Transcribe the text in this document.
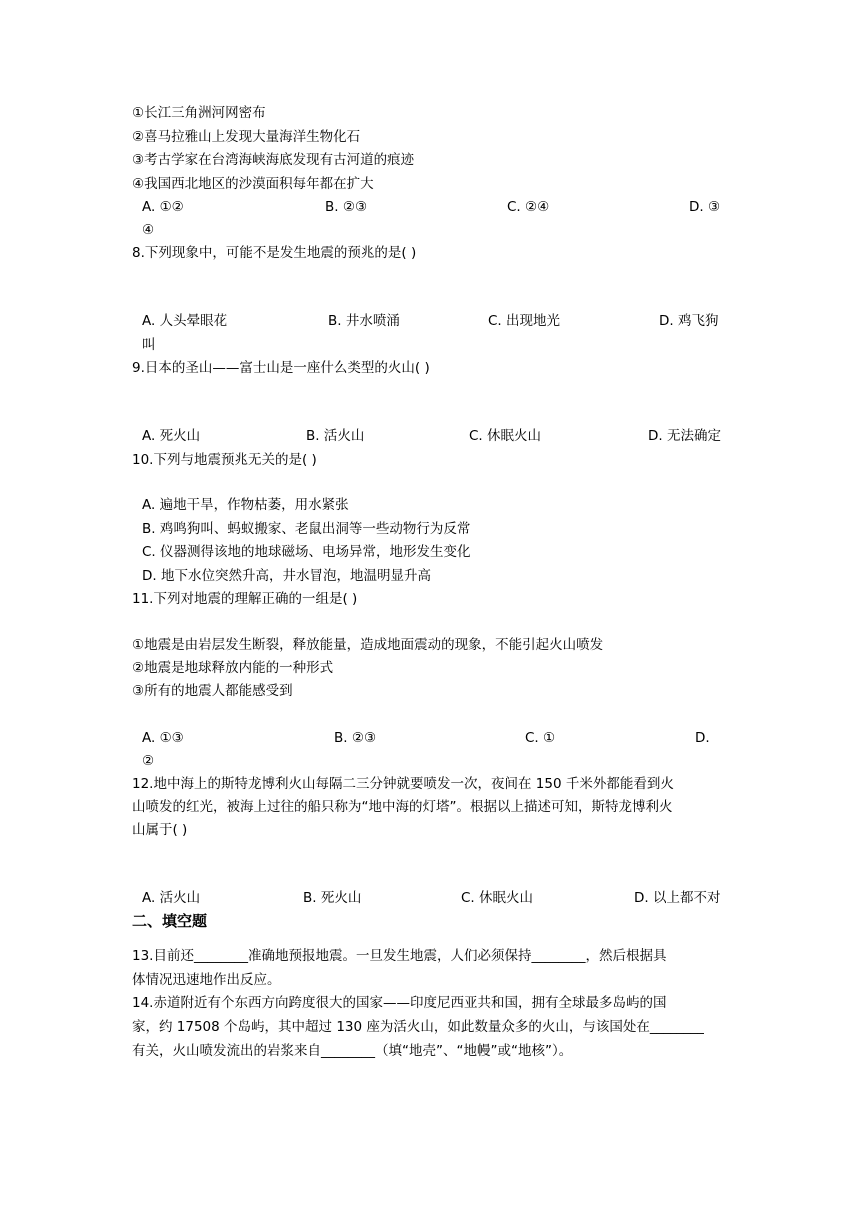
①长江三角洲河网密布
②喜马拉雅山上发现大量海洋生物化石
③考古学家在台湾海峡海底发现有古河道的痕迹
④我国西北地区的沙漠面积每年都在扩大
A. ①②	B. ②③	C. ②④	D. ③
④
8.下列现象中，可能不是发生地震的预兆的是( )
A. 人头晕眼花	B. 井水喷涌	C. 出现地光	D. 鸡飞狗
叫
9.日本的圣山——富士山是一座什么类型的火山( )
A. 死火山	B. 活火山	C. 休眠火山	D. 无法确定
10.下列与地震预兆无关的是( )
A. 遍地干旱，作物枯萎，用水紧张
B. 鸡鸣狗叫、蚂蚁搬家、老鼠出洞等一些动物行为反常
C. 仪器测得该地的地球磁场、电场异常，地形发生变化
D. 地下水位突然升高，井水冒泡，地温明显升高
11.下列对地震的理解正确的一组是( )
①地震是由岩层发生断裂，释放能量，造成地面震动的现象，不能引起火山喷发
②地震是地球释放内能的一种形式
③所有的地震人都能感受到
A. ①③	B. ②③	C. ①	D.
②
12.地中海上的斯特龙博利火山每隔二三分钟就要喷发一次，夜间在 150 千米外都能看到火
山喷发的红光，被海上过往的船只称为“地中海的灯塔”。根据以上描述可知，斯特龙博利火
山属于( )
A. 活火山	B. 死火山	C. 休眠火山	D. 以上都不对
二、填空题
13.目前还________准确地预报地震。一旦发生地震，人们必须保持________，然后根据具
体情况迅速地作出反应。
14.赤道附近有个东西方向跨度很大的国家——印度尼西亚共和国，拥有全球最多岛屿的国
家，约 17508 个岛屿，其中超过 130 座为活火山，如此数量众多的火山，与该国处在________
有关，火山喷发流出的岩浆来自________（填“地壳”、“地幔”或“地核”）。
